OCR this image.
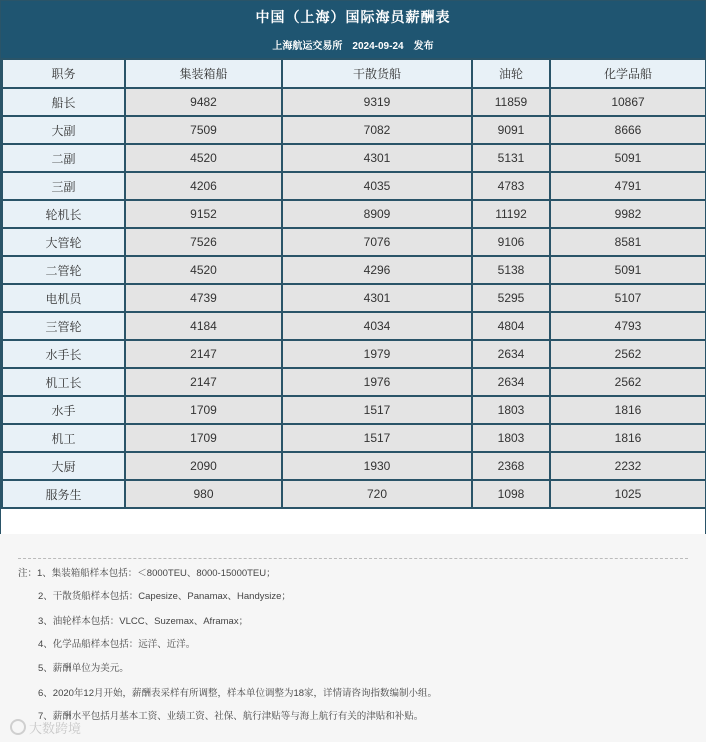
中国（上海）国际海员薪酬表
上海航运交易所　2024-09-24　发布
职务	集装箱船	干散货船	油轮	化学品船
船长	9482	9319	11859	10867
大副	7509	7082	9091	8666
二副	4520	4301	5131	5091
三副	4206	4035	4783	4791
轮机长	9152	8909	11192	9982
大管轮	7526	7076	9106	8581
二管轮	4520	4296	5138	5091
电机员	4739	4301	5295	5107
三管轮	4184	4034	4804	4793
水手长	2147	1979	2634	2562
机工长	2147	1976	2634	2562
水手	1709	1517	1803	1816
机工	1709	1517	1803	1816
大厨	2090	1930	2368	2232
服务生	980	720	1098	1025
注：1、集装箱船样本包括：＜8000TEU、8000-15000TEU；
2、干散货船样本包括：Capesize、Panamax、Handysize；
3、油轮样本包括：VLCC、Suzemax、Aframax；
4、化学品船样本包括：远洋、近洋。
5、薪酬单位为美元。
6、2020年12月开始，薪酬表采样有所调整，样本单位调整为18家，详情请咨询指数编制小组。
7、薪酬水平包括月基本工资、业绩工资、社保、航行津贴等与海上航行有关的津贴和补贴。
大数跨境
